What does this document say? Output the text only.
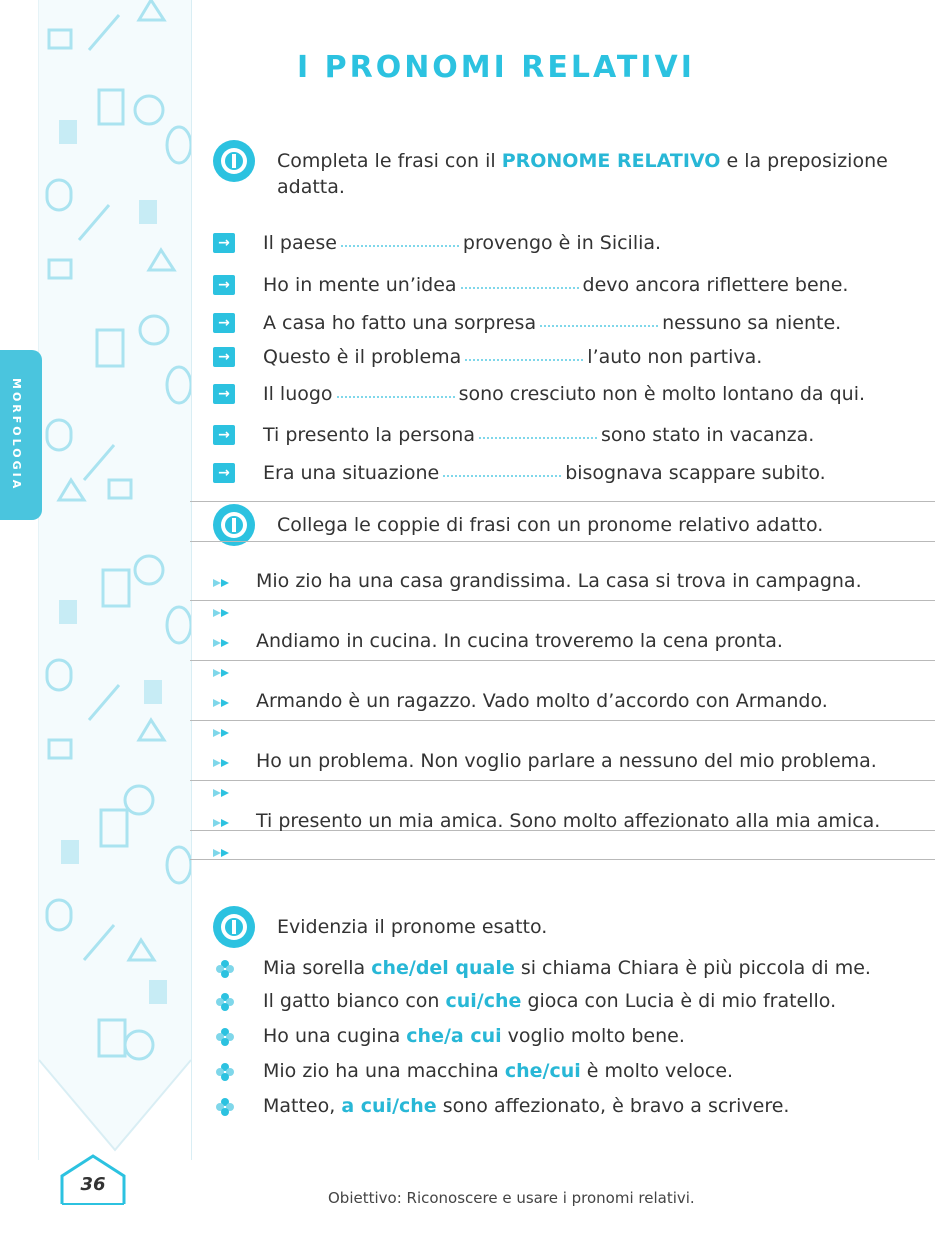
MORFOLOGIA
I PRONOMI RELATIVI
Completa le frasi con il PRONOME RELATIVO e la preposizione adatta.
→ Il paese	provengo è in Sicilia.
→ Ho in mente un’idea	devo ancora riflettere bene.
→ A casa ho fatto una sorpresa	nessuno sa niente.
→ Questo è il problema	l’auto non partiva.
→ Il luogo	sono cresciuto non è molto lontano da qui.
→ Ti presento la persona	sono stato in vacanza.
→ Era una situazione	bisognava scappare subito.
Collega le coppie di frasi con un pronome relativo adatto.
Mio zio ha una casa grandissima. La casa si trova in campagna.
Andiamo in cucina. In cucina troveremo la cena pronta.
Armando è un ragazzo. Vado molto d’accordo con Armando.
Ho un problema. Non voglio parlare a nessuno del mio problema.
Ti presento un mia amica. Sono molto affezionato alla mia amica.
Evidenzia il pronome esatto.
Mia sorella che/del quale si chiama Chiara è più piccola di me.
Il gatto bianco con cui/che gioca con Lucia è di mio fratello.
Ho una cugina che/a cui voglio molto bene.
Mio zio ha una macchina che/cui è molto veloce.
Matteo, a cui/che sono affezionato, è bravo a scrivere.
36
Obiettivo: Riconoscere e usare i pronomi relativi.
